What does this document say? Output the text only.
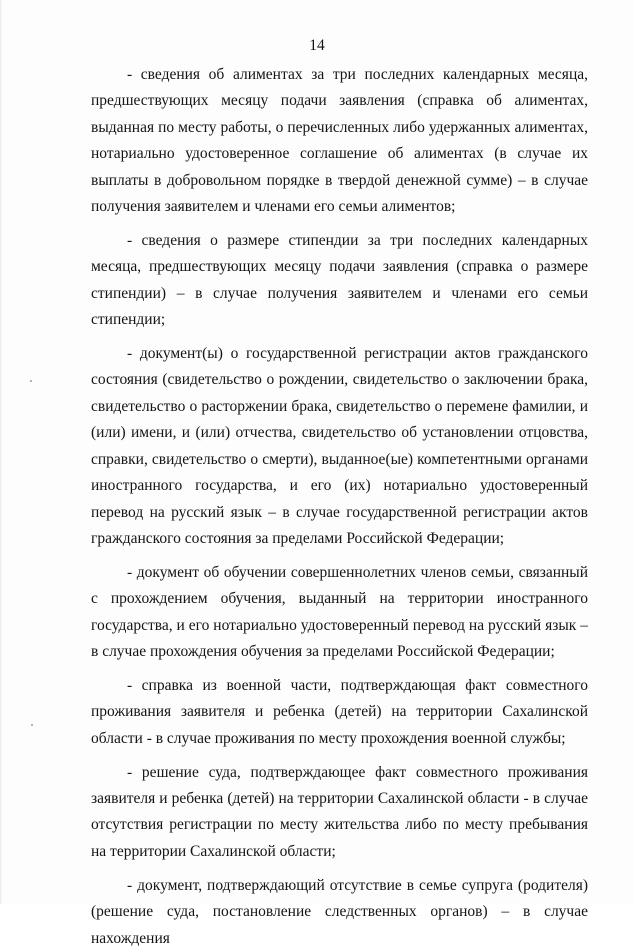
14

- сведения об алиментах за три последних календарных месяца, предшествующих месяцу подачи заявления (справка об алиментах, выданная по месту работы, о перечисленных либо удержанных алиментах, нотариально удостоверенное соглашение об алиментах (в случае их выплаты в добровольном порядке в твердой денежной сумме) – в случае получения заявителем и членами его семьи алиментов;

- сведения о размере стипендии за три последних календарных месяца, предшествующих месяцу подачи заявления (справка о размере стипендии) – в случае получения заявителем и членами его семьи стипендии;

- документ(ы) о государственной регистрации актов гражданского состояния (свидетельство о рождении, свидетельство о заключении брака, свидетельство о расторжении брака, свидетельство о перемене фамилии, и (или) имени, и (или) отчества, свидетельство об установлении отцовства, справки, свидетельство о смерти), выданное(ые) компетентными органами иностранного государства, и его (их) нотариально удостоверенный перевод на русский язык – в случае государственной регистрации актов гражданского состояния за пределами Российской Федерации;

- документ об обучении совершеннолетних членов семьи, связанный с прохождением обучения, выданный на территории иностранного государства, и его нотариально удостоверенный перевод на русский язык – в случае прохождения обучения за пределами Российской Федерации;

- справка из военной части, подтверждающая факт совместного проживания заявителя и ребенка (детей) на территории Сахалинской области - в случае проживания по месту прохождения военной службы;

- решение суда, подтверждающее факт совместного проживания заявителя и ребенка (детей) на территории Сахалинской области - в случае отсутствия регистрации по месту жительства либо по месту пребывания на территории Сахалинской области;

- документ, подтверждающий отсутствие в семье супруга (родителя) (решение суда, постановление следственных органов) – в случае нахождения
